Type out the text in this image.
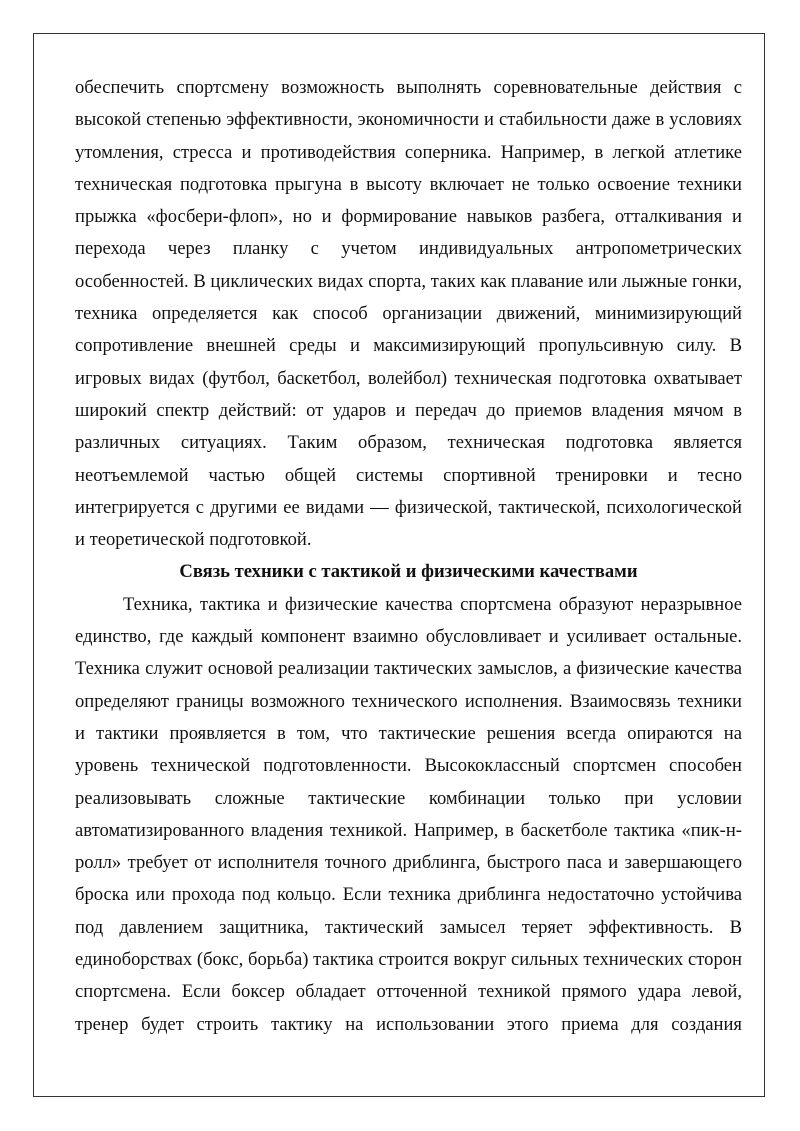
обеспечить спортсмену возможность выполнять соревновательные действия с
высокой степенью эффективности, экономичности и стабильности даже в условиях
утомления, стресса и противодействия соперника. Например, в легкой атлетике
техническая подготовка прыгуна в высоту включает не только освоение техники
прыжка «фосбери-флоп», но и формирование навыков разбега, отталкивания и
перехода через планку с учетом индивидуальных антропометрических
особенностей. В циклических видах спорта, таких как плавание или лыжные гонки,
техника определяется как способ организации движений, минимизирующий
сопротивление внешней среды и максимизирующий пропульсивную силу. В
игровых видах (футбол, баскетбол, волейбол) техническая подготовка охватывает
широкий спектр действий: от ударов и передач до приемов владения мячом в
различных ситуациях. Таким образом, техническая подготовка является
неотъемлемой частью общей системы спортивной тренировки и тесно
интегрируется с другими ее видами — физической, тактической, психологической
и теоретической подготовкой.

Связь техники с тактикой и физическими качествами

Техника, тактика и физические качества спортсмена образуют неразрывное
единство, где каждый компонент взаимно обусловливает и усиливает остальные.
Техника служит основой реализации тактических замыслов, а физические качества
определяют границы возможного технического исполнения. Взаимосвязь техники
и тактики проявляется в том, что тактические решения всегда опираются на
уровень технической подготовленности. Высококлассный спортсмен способен
реализовывать сложные тактические комбинации только при условии
автоматизированного владения техникой. Например, в баскетболе тактика «пик-н-
ролл» требует от исполнителя точного дриблинга, быстрого паса и завершающего
броска или прохода под кольцо. Если техника дриблинга недостаточно устойчива
под давлением защитника, тактический замысел теряет эффективность. В
единоборствах (бокс, борьба) тактика строится вокруг сильных технических сторон
спортсмена. Если боксер обладает отточенной техникой прямого удара левой,
тренер будет строить тактику на использовании этого приема для создания
